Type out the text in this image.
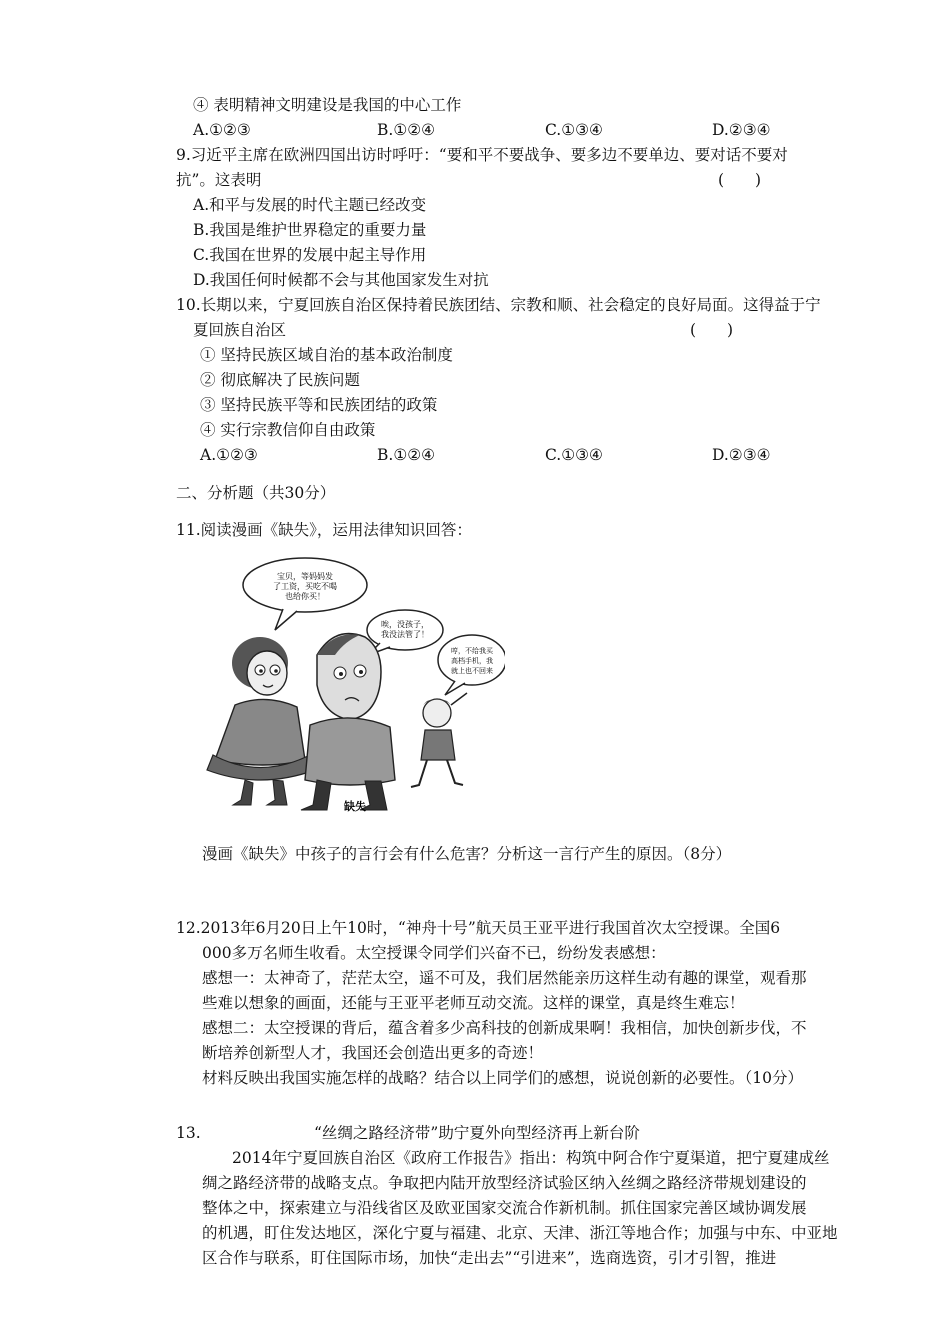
④ 表明精神文明建设是我国的中心工作
A.①②③	B.①②④	C.①③④	D.②③④
9.习近平主席在欧洲四国出访时呼吁：“要和平不要战争、要多边不要单边、要对话不要对
抗”。这表明	(　　)
A.和平与发展的时代主题已经改变
B.我国是维护世界稳定的重要力量
C.我国在世界的发展中起主导作用
D.我国任何时候都不会与其他国家发生对抗
10.长期以来，宁夏回族自治区保持着民族团结、宗教和顺、社会稳定的良好局面。这得益于宁
夏回族自治区	(　　)
① 坚持民族区域自治的基本政治制度
② 彻底解决了民族问题
③ 坚持民族平等和民族团结的政策
④ 实行宗教信仰自由政策
A.①②③	B.①②④	C.①③④	D.②③④
二、分析题（共30分）
11.阅读漫画《缺失》，运用法律知识回答：
宝贝，等妈妈发
了工资，买吃不喝
也给你买！
唉，没孩子，
我没法管了！
哼，不给我买
高档手机，我
就上也不回来
缺失
漫画《缺失》中孩子的言行会有什么危害？分析这一言行产生的原因。（8分）
12.2013年6月20日上午10时，“神舟十号”航天员王亚平进行我国首次太空授课。全国6
000多万名师生收看。太空授课令同学们兴奋不已，纷纷发表感想：
感想一：太神奇了，茫茫太空，遥不可及，我们居然能亲历这样生动有趣的课堂，观看那
些难以想象的画面，还能与王亚平老师互动交流。这样的课堂，真是终生难忘！
感想二：太空授课的背后，蕴含着多少高科技的创新成果啊！我相信，加快创新步伐，不
断培养创新型人才，我国还会创造出更多的奇迹！
材料反映出我国实施怎样的战略？结合以上同学们的感想，说说创新的必要性。（10分）
13.	“丝绸之路经济带”助宁夏外向型经济再上新台阶
2014年宁夏回族自治区《政府工作报告》指出：构筑中阿合作宁夏渠道，把宁夏建成丝
绸之路经济带的战略支点。争取把内陆开放型经济试验区纳入丝绸之路经济带规划建设的
整体之中，探索建立与沿线省区及欧亚国家交流合作新机制。抓住国家完善区域协调发展
的机遇，盯住发达地区，深化宁夏与福建、北京、天津、浙江等地合作；加强与中东、中亚地
区合作与联系，盯住国际市场，加快“走出去”“引进来”，选商选资，引才引智，推进
